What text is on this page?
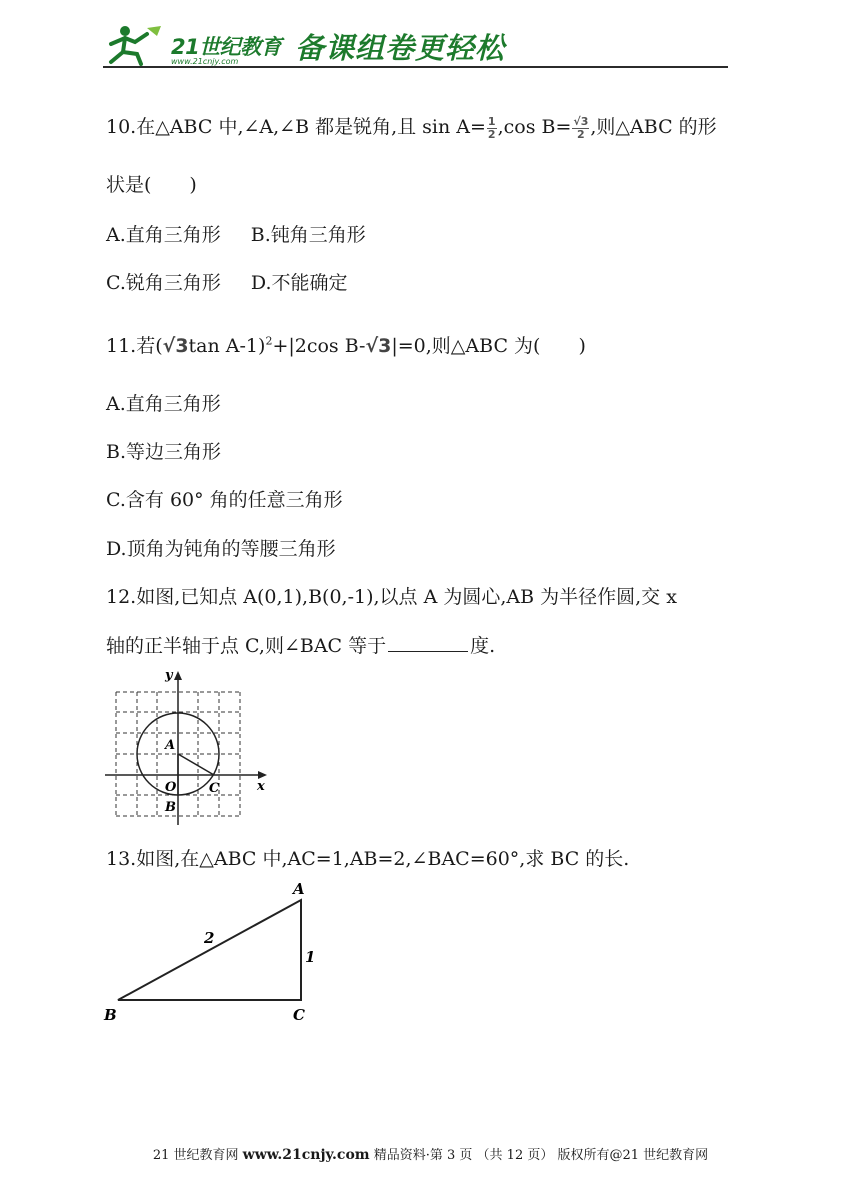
21世纪教育
www.21cnjy.com 备课组卷更轻松
10.在△ABC 中,∠A,∠B 都是锐角,且 $\sin A= \frac{1}{2} ,\cos$ $B= \frac{√3}{2}$ ,则△ABC 的形
状是(　　)
A.直角三角形 B.钝角三角形
C.锐角三角形 D.不能确定
11.若(√3tan A-1)$^2$+|2cos B-√3|=0,则△ABC 为(　　)
A.直角三角形
B.等边三角形
C.含有 60° 角的任意三角形
D.顶角为钝角的等腰三角形
12.如图,已知点 A(0,1),B(0,-1),以点 A 为圆心,AB 为半径作圆,交 x
轴的正半轴于点 C,则∠BAC 等于	度.
y
x
A
O	C
B
13.如图,在△ABC 中,AC=1,AB=2,∠BAC=60°,求 BC 的长.
A
B	C
2
1
21 世纪教育网 www.21cnjy.com 精品资料·第 3 页 （共 12 页） 版权所有@21 世纪教育网
